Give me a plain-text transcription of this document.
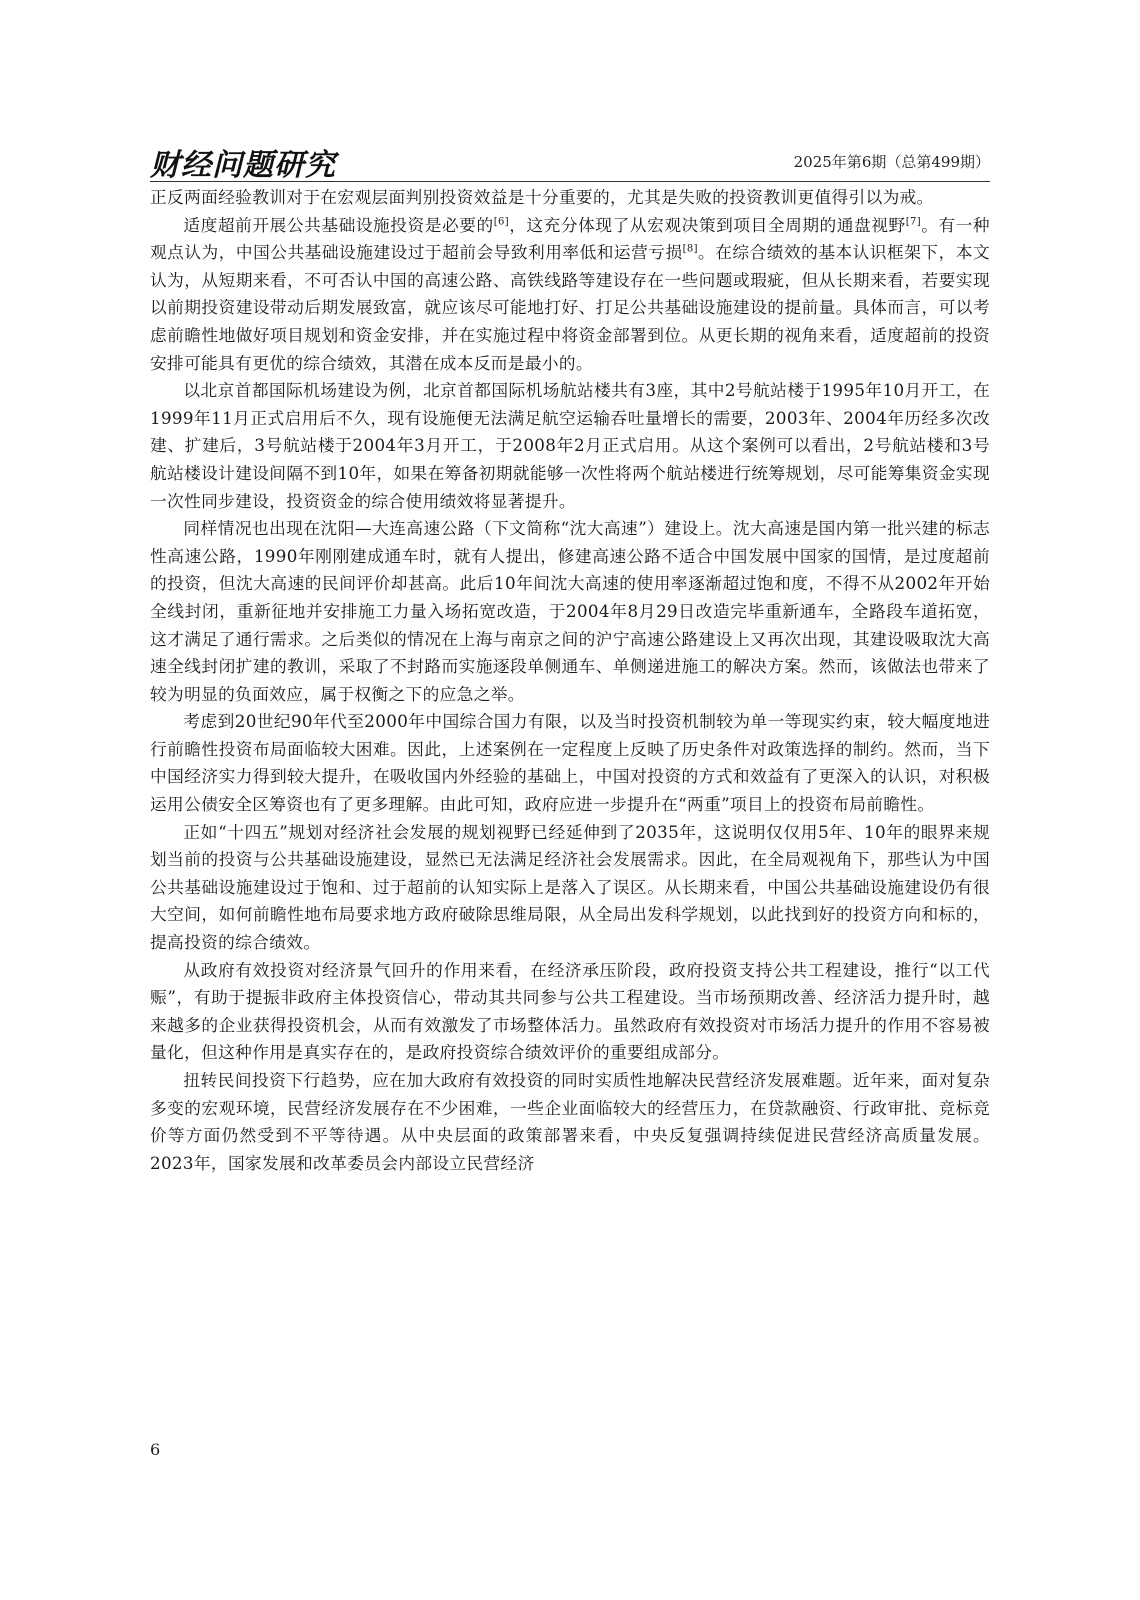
财经问题研究	2025年第6期（总第499期）

正反两面经验教训对于在宏观层面判别投资效益是十分重要的，尤其是失败的投资教训更值得引以为戒。

适度超前开展公共基础设施投资是必要的[6]，这充分体现了从宏观决策到项目全周期的通盘视野[7]。有一种观点认为，中国公共基础设施建设过于超前会导致利用率低和运营亏损[8]。在综合绩效的基本认识框架下，本文认为，从短期来看，不可否认中国的高速公路、高铁线路等建设存在一些问题或瑕疵，但从长期来看，若要实现以前期投资建设带动后期发展致富，就应该尽可能地打好、打足公共基础设施建设的提前量。具体而言，可以考虑前瞻性地做好项目规划和资金安排，并在实施过程中将资金部署到位。从更长期的视角来看，适度超前的投资安排可能具有更优的综合绩效，其潜在成本反而是最小的。

以北京首都国际机场建设为例，北京首都国际机场航站楼共有3座，其中2号航站楼于1995年10月开工，在1999年11月正式启用后不久，现有设施便无法满足航空运输吞吐量增长的需要，2003年、2004年历经多次改建、扩建后，3号航站楼于2004年3月开工，于2008年2月正式启用。从这个案例可以看出，2号航站楼和3号航站楼设计建设间隔不到10年，如果在筹备初期就能够一次性将两个航站楼进行统筹规划，尽可能筹集资金实现一次性同步建设，投资资金的综合使用绩效将显著提升。

同样情况也出现在沈阳—大连高速公路（下文简称“沈大高速”）建设上。沈大高速是国内第一批兴建的标志性高速公路，1990年刚刚建成通车时，就有人提出，修建高速公路不适合中国发展中国家的国情，是过度超前的投资，但沈大高速的民间评价却甚高。此后10年间沈大高速的使用率逐渐超过饱和度，不得不从2002年开始全线封闭，重新征地并安排施工力量入场拓宽改造，于2004年8月29日改造完毕重新通车，全路段车道拓宽，这才满足了通行需求。之后类似的情况在上海与南京之间的沪宁高速公路建设上又再次出现，其建设吸取沈大高速全线封闭扩建的教训，采取了不封路而实施逐段单侧通车、单侧递进施工的解决方案。然而，该做法也带来了较为明显的负面效应，属于权衡之下的应急之举。

考虑到20世纪90年代至2000年中国综合国力有限，以及当时投资机制较为单一等现实约束，较大幅度地进行前瞻性投资布局面临较大困难。因此，上述案例在一定程度上反映了历史条件对政策选择的制约。然而，当下中国经济实力得到较大提升，在吸收国内外经验的基础上，中国对投资的方式和效益有了更深入的认识，对积极运用公债安全区筹资也有了更多理解。由此可知，政府应进一步提升在“两重”项目上的投资布局前瞻性。

正如“十四五”规划对经济社会发展的规划视野已经延伸到了2035年，这说明仅仅用5年、10年的眼界来规划当前的投资与公共基础设施建设，显然已无法满足经济社会发展需求。因此，在全局观视角下，那些认为中国公共基础设施建设过于饱和、过于超前的认知实际上是落入了误区。从长期来看，中国公共基础设施建设仍有很大空间，如何前瞻性地布局要求地方政府破除思维局限，从全局出发科学规划，以此找到好的投资方向和标的，提高投资的综合绩效。

从政府有效投资对经济景气回升的作用来看，在经济承压阶段，政府投资支持公共工程建设，推行“以工代赈”，有助于提振非政府主体投资信心，带动其共同参与公共工程建设。当市场预期改善、经济活力提升时，越来越多的企业获得投资机会，从而有效激发了市场整体活力。虽然政府有效投资对市场活力提升的作用不容易被量化，但这种作用是真实存在的，是政府投资综合绩效评价的重要组成部分。

扭转民间投资下行趋势，应在加大政府有效投资的同时实质性地解决民营经济发展难题。近年来，面对复杂多变的宏观环境，民营经济发展存在不少困难，一些企业面临较大的经营压力，在贷款融资、行政审批、竞标竞价等方面仍然受到不平等待遇。从中央层面的政策部署来看，中央反复强调持续促进民营经济高质量发展。2023年，国家发展和改革委员会内部设立民营经济

6
